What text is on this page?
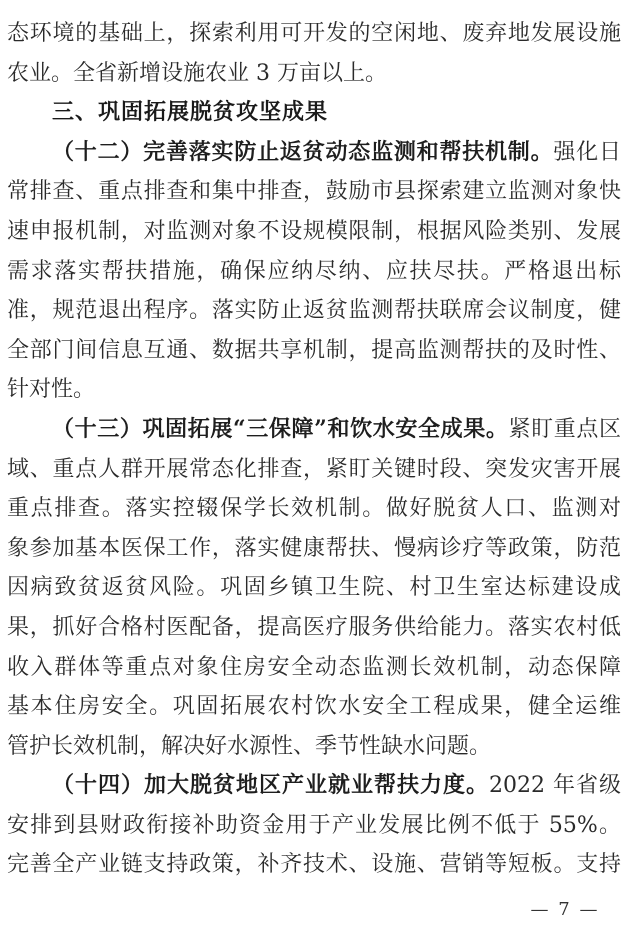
态环境的基础上，探索利用可开发的空闲地、废弃地发展设施
农业。全省新增设施农业 3 万亩以上。
三、巩固拓展脱贫攻坚成果
（十二）完善落实防止返贫动态监测和帮扶机制。强化日
常排查、重点排查和集中排查，鼓励市县探索建立监测对象快
速申报机制，对监测对象不设规模限制，根据风险类别、发展
需求落实帮扶措施，确保应纳尽纳、应扶尽扶。严格退出标
准，规范退出程序。落实防止返贫监测帮扶联席会议制度，健
全部门间信息互通、数据共享机制，提高监测帮扶的及时性、
针对性。
（十三）巩固拓展“三保障”和饮水安全成果。紧盯重点区
域、重点人群开展常态化排查，紧盯关键时段、突发灾害开展
重点排查。落实控辍保学长效机制。做好脱贫人口、监测对
象参加基本医保工作，落实健康帮扶、慢病诊疗等政策，防范
因病致贫返贫风险。巩固乡镇卫生院、村卫生室达标建设成
果，抓好合格村医配备，提高医疗服务供给能力。落实农村低
收入群体等重点对象住房安全动态监测长效机制，动态保障
基本住房安全。巩固拓展农村饮水安全工程成果，健全运维
管护长效机制，解决好水源性、季节性缺水问题。
（十四）加大脱贫地区产业就业帮扶力度。2022 年省级
安排到县财政衔接补助资金用于产业发展比例不低于 55%。
完善全产业链支持政策，补齐技术、设施、营销等短板。支持
— 7 —
